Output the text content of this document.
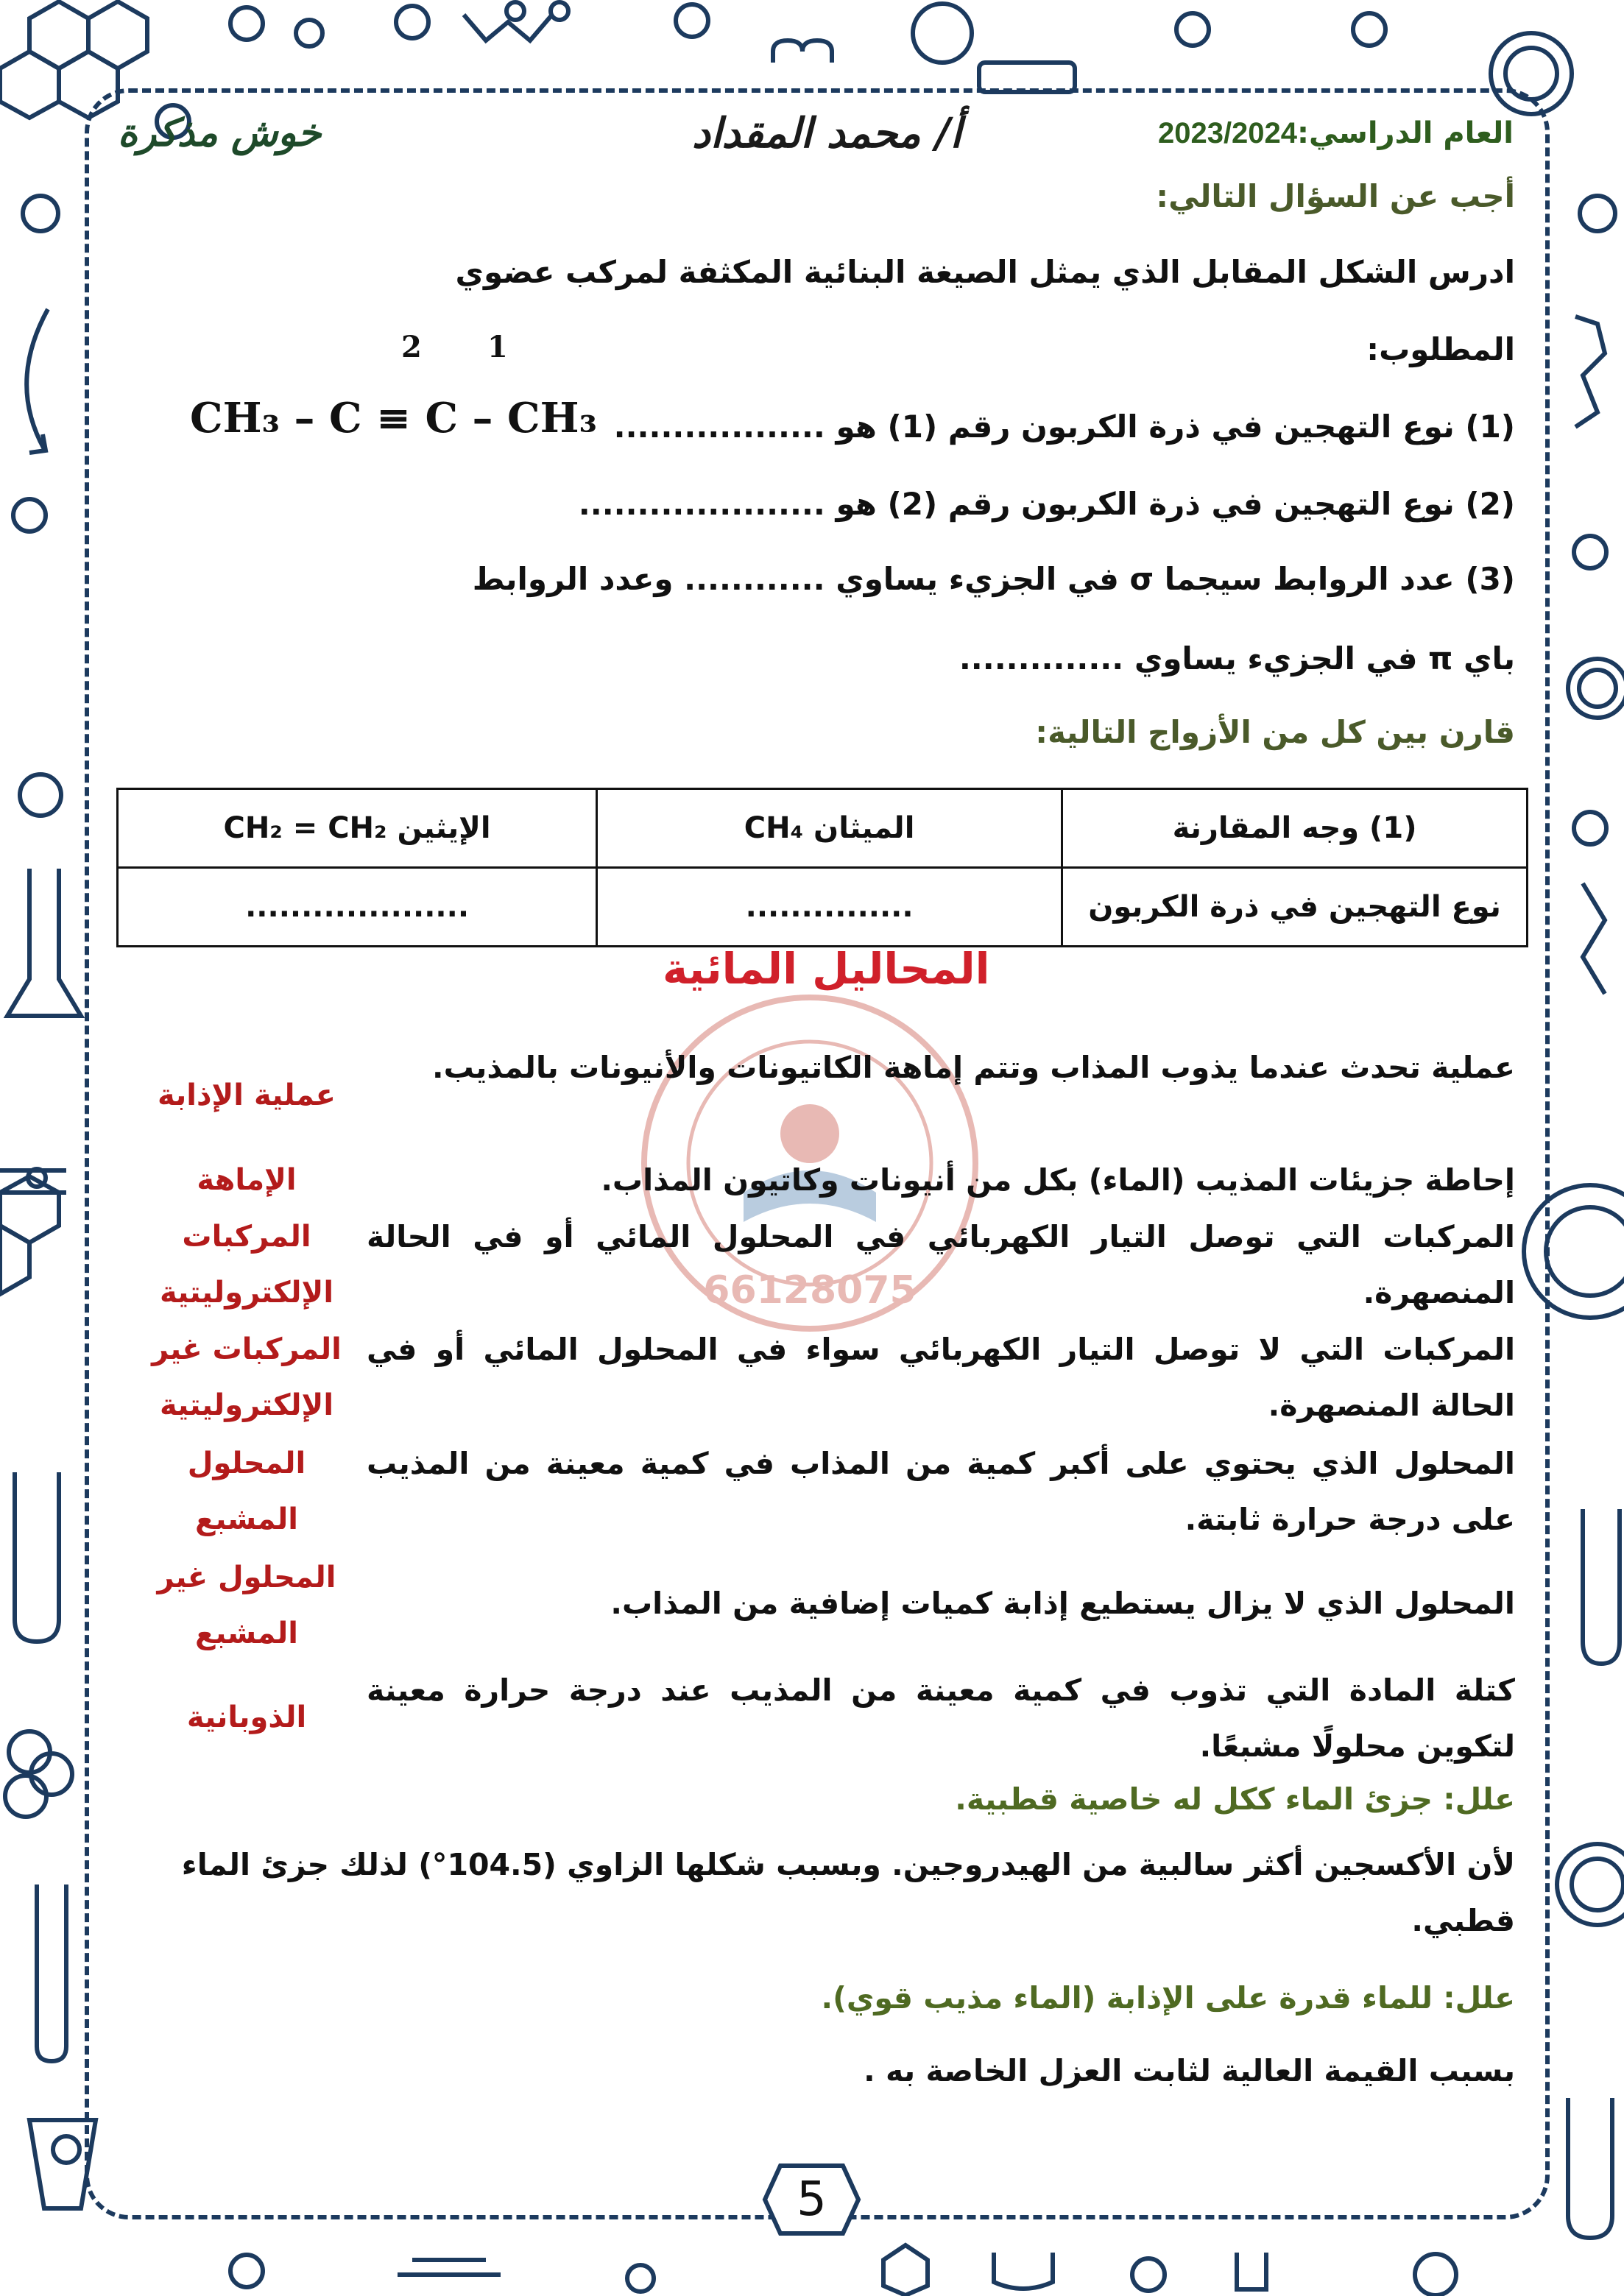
العام الدراسي:2023/2024
أ/ محمد المقداد
خوش مذكرة
أجب عن السؤال التالي:
ادرس الشكل المقابل الذي يمثل الصيغة البنائية المكثفة لمركب عضوي
المطلوب:
2 1
CH₃ – C ≡ C – CH₃ (1) نوع التهجين في ذرة الكربون رقم (1) هو ..................
(2) نوع التهجين في ذرة الكربون رقم (2) هو .....................
(3) عدد الروابط سيجما σ في الجزيء يساوي ............ وعدد الروابط
باي π في الجزيء يساوي ..............
قارن بين كل من الأزواج التالية:
(1) وجه المقارنة	الميثان CH₄	الإيثين CH₂ = CH₂
نوع التهجين في ذرة الكربون	...............	....................
المحاليل المائية
66128075
عملية تحدث عندما يذوب المذاب وتتم إماهة الكاتيونات والأنيونات بالمذيب.
عملية الإذابة
إحاطة جزيئات المذيب (الماء) بكل من أنيونات وكاتيون المذاب.
الإماهة
المركبات التي توصل التيار الكهربائي في المحلول المائي أو في الحالة المنصهرة.
المركبات الإلكتروليتية
المركبات التي لا توصل التيار الكهربائي سواء في المحلول المائي أو في الحالة المنصهرة.
المركبات غير الإلكتروليتية
المحلول الذي يحتوي على أكبر كمية من المذاب في كمية معينة من المذيب على درجة حرارة ثابتة.
المحلول المشبع
المحلول الذي لا يزال يستطيع إذابة كميات إضافية من المذاب.
المحلول غير المشبع
كتلة المادة التي تذوب في كمية معينة من المذيب عند درجة حرارة معينة لتكوين محلولًا مشبعًا.
الذوبانية
علل: جزئ الماء ككل له خاصية قطبية.
لأن الأكسجين أكثر سالبية من الهيدروجين. وبسبب شكلها الزاوي (104.5°) لذلك جزئ الماء قطبي.
علل: للماء قدرة على الإذابة (الماء مذيب قوي).
بسبب القيمة العالية لثابت العزل الخاصة به .
5
